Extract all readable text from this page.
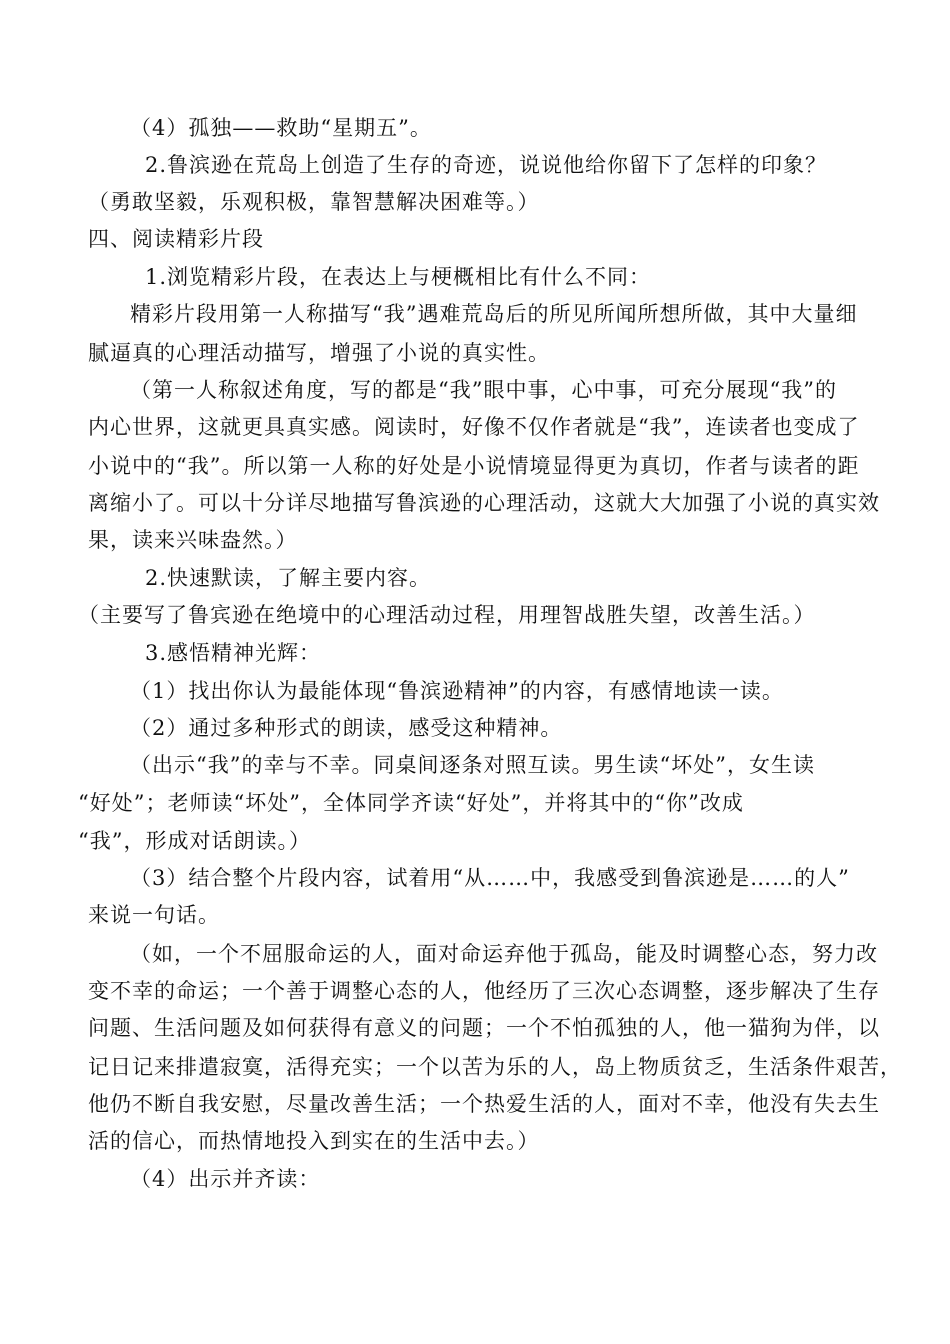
（4）孤独——救助“星期五”。
2.鲁滨逊在荒岛上创造了生存的奇迹，说说他给你留下了怎样的印象？
（勇敢坚毅，乐观积极，靠智慧解决困难等。）
四、阅读精彩片段
1.浏览精彩片段，在表达上与梗概相比有什么不同：
精彩片段用第一人称描写“我”遇难荒岛后的所见所闻所想所做，其中大量细
腻逼真的心理活动描写，增强了小说的真实性。
（第一人称叙述角度，写的都是“我”眼中事，心中事，可充分展现“我”的
内心世界，这就更具真实感。阅读时，好像不仅作者就是“我”，连读者也变成了
小说中的“我”。所以第一人称的好处是小说情境显得更为真切，作者与读者的距
离缩小了。可以十分详尽地描写鲁滨逊的心理活动，这就大大加强了小说的真实效
果，读来兴味盎然。）
2.快速默读，了解主要内容。
（主要写了鲁宾逊在绝境中的心理活动过程，用理智战胜失望，改善生活。）
3.感悟精神光辉：
（1）找出你认为最能体现“鲁滨逊精神”的内容，有感情地读一读。
（2）通过多种形式的朗读，感受这种精神。
（出示“我”的幸与不幸。同桌间逐条对照互读。男生读“坏处”，女生读
“好处”；老师读“坏处”，全体同学齐读“好处”，并将其中的“你”改成
“我”，形成对话朗读。）
（3）结合整个片段内容，试着用“从……中，我感受到鲁滨逊是……的人”
来说一句话。
（如，一个不屈服命运的人，面对命运弃他于孤岛，能及时调整心态，努力改
变不幸的命运；一个善于调整心态的人，他经历了三次心态调整，逐步解决了生存
问题、生活问题及如何获得有意义的问题；一个不怕孤独的人，他一猫狗为伴，以
记日记来排遣寂寞，活得充实；一个以苦为乐的人，岛上物质贫乏，生活条件艰苦，
他仍不断自我安慰，尽量改善生活；一个热爱生活的人，面对不幸，他没有失去生
活的信心，而热情地投入到实在的生活中去。）
（4）出示并齐读：
